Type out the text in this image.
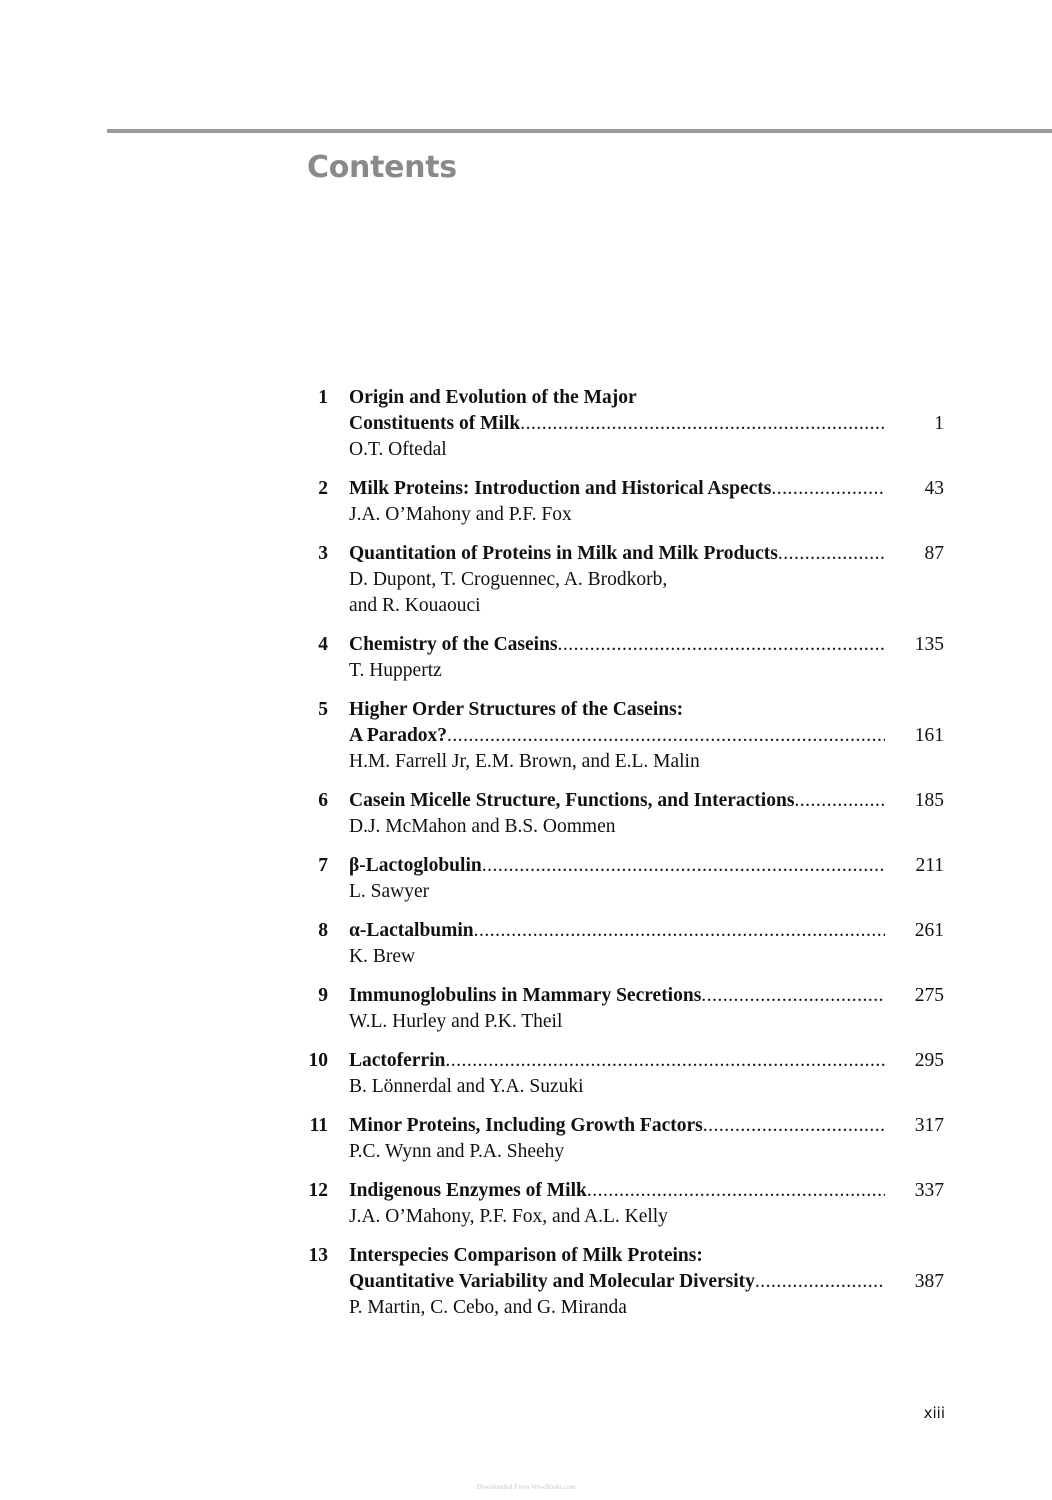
Contents
1 Origin and Evolution of the Major
Constituents of Milk
.....
O.T. Oftedal
1
2 Milk Proteins: Introduction and Historical Aspects
.....
J.A. O’Mahony and P.F. Fox
43
3 Quantitation of Proteins in Milk and Milk Products
.....
D. Dupont, T. Croguennec, A. Brodkorb,
and R. Kouaouci
87
4 Chemistry of the Caseins
.....
T. Huppertz
135
5 Higher Order Structures of the Caseins:
A Paradox?
.....
H.M. Farrell Jr, E.M. Brown, and E.L. Malin
161
6 Casein Micelle Structure, Functions, and Interactions
.....
D.J. McMahon and B.S. Oommen
185
7 β-Lactoglobulin
.....
L. Sawyer
211
8 α-Lactalbumin
.....
K. Brew
261
9 Immunoglobulins in Mammary Secretions
.....
W.L. Hurley and P.K. Theil
275
10 Lactoferrin
.....
B. Lönnerdal and Y.A. Suzuki
295
11 Minor Proteins, Including Growth Factors
.....
P.C. Wynn and P.A. Sheehy
317
12 Indigenous Enzymes of Milk
.....
J.A. O’Mahony, P.F. Fox, and A.L. Kelly
337
13 Interspecies Comparison of Milk Proteins:
Quantitative Variability and Molecular Diversity
.....
P. Martin, C. Cebo, and G. Miranda
387
xiii
Downloaded From Vet-eBooks.com
